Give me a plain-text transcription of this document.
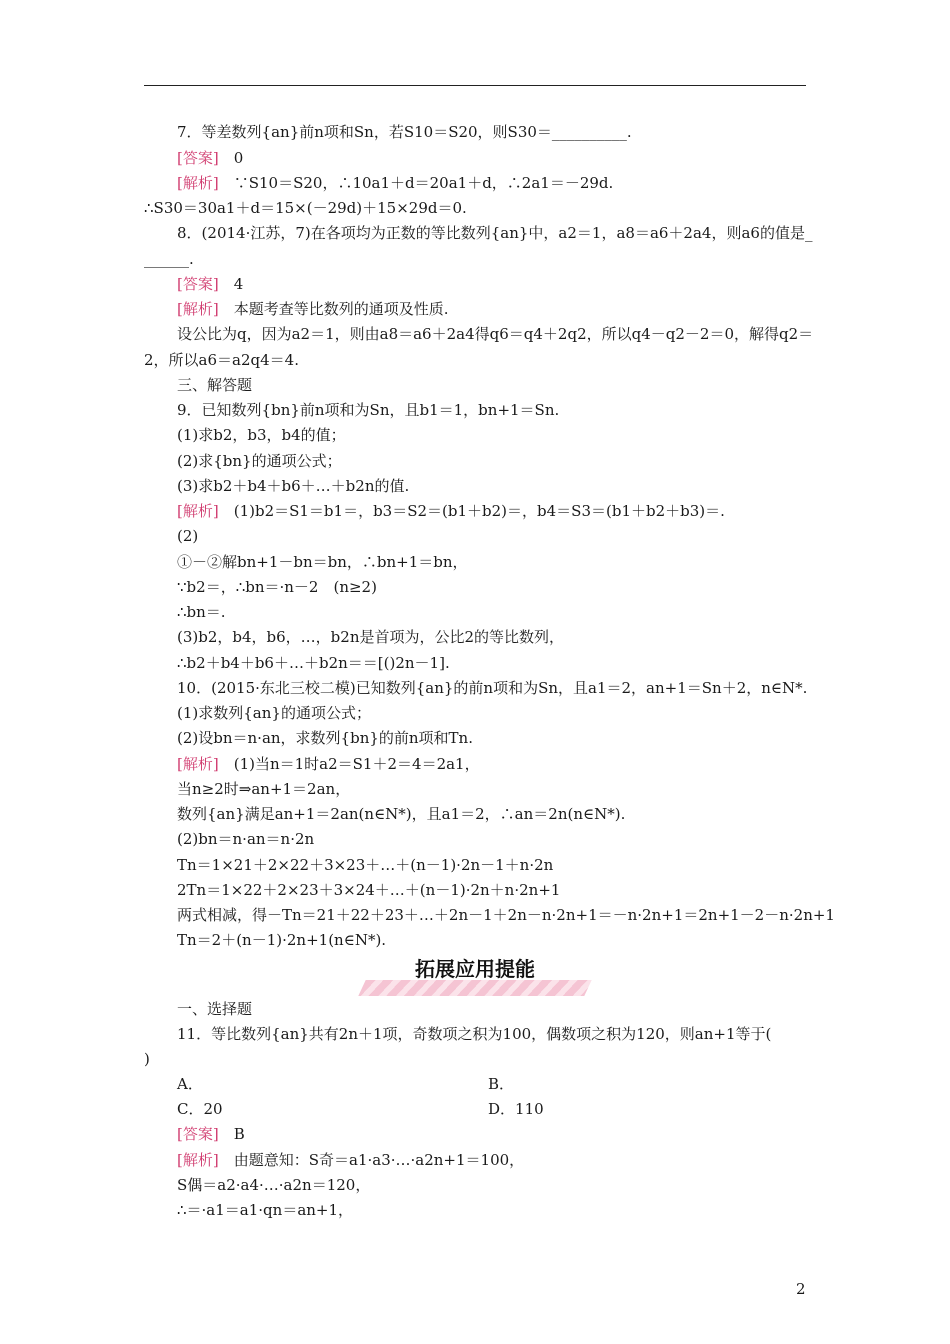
7．等差数列{an}前n项和Sn，若S10＝S20，则S30＝__________.
[答案]　0
[解析]　∵S10＝S20，∴10a1＋d＝20a1＋d，∴2a1＝－29d.
∴S30＝30a1＋d＝15×(－29d)＋15×29d＝0.
8．(2014·江苏，7)在各项均为正数的等比数列{an}中，a2＝1，a8＝a6＋2a4，则a6的值是_
______.
[答案]　4
[解析]　本题考查等比数列的通项及性质.
设公比为q，因为a2＝1，则由a8＝a6＋2a4得q6＝q4＋2q2，所以q4－q2－2＝0，解得q2＝
2，所以a6＝a2q4＝4.
三、解答题
9．已知数列{bn}前n项和为Sn，且b1＝1，bn+1＝Sn.
(1)求b2，b3，b4的值；
(2)求{bn}的通项公式；
(3)求b2＋b4＋b6＋…＋b2n的值.
[解析]　(1)b2＝S1＝b1＝，b3＝S2＝(b1＋b2)＝，b4＝S3＝(b1＋b2＋b3)＝.
(2)
①－②解bn+1－bn＝bn，∴bn+1＝bn，
∵b2＝，∴bn＝·n－2　(n≥2)
∴bn＝.
(3)b2，b4，b6，…，b2n是首项为，公比2的等比数列，
∴b2＋b4＋b6＋…＋b2n＝＝[()2n－1].
10．(2015·东北三校二模)已知数列{an}的前n项和为Sn，且a1＝2，an+1＝Sn＋2，n∈N*.
(1)求数列{an}的通项公式；
(2)设bn＝n·an，求数列{bn}的前n项和Tn.
[解析]　(1)当n＝1时a2＝S1＋2＝4＝2a1，
当n≥2时⇒an+1＝2an，
数列{an}满足an+1＝2an(n∈N*)，且a1＝2，∴an＝2n(n∈N*).
(2)bn＝n·an＝n·2n
Tn＝1×21＋2×22＋3×23＋…＋(n－1)·2n－1＋n·2n
2Tn＝1×22＋2×23＋3×24＋…＋(n－1)·2n＋n·2n+1
两式相减，得－Tn＝21＋22＋23＋…＋2n－1＋2n－n·2n+1＝－n·2n+1＝2n+1－2－n·2n+1
Tn＝2＋(n－1)·2n+1(n∈N*).
拓展应用提能
一、选择题
11．等比数列{an}共有2n＋1项，奇数项之积为100，偶数项之积为120，则an+1等于(
)
A．	B．
C．20	D．110
[答案]　B
[解析]　由题意知：S奇＝a1·a3·…·a2n+1＝100，
S偶＝a2·a4·…·a2n＝120，
∴＝·a1＝a1·qn＝an+1，
2
